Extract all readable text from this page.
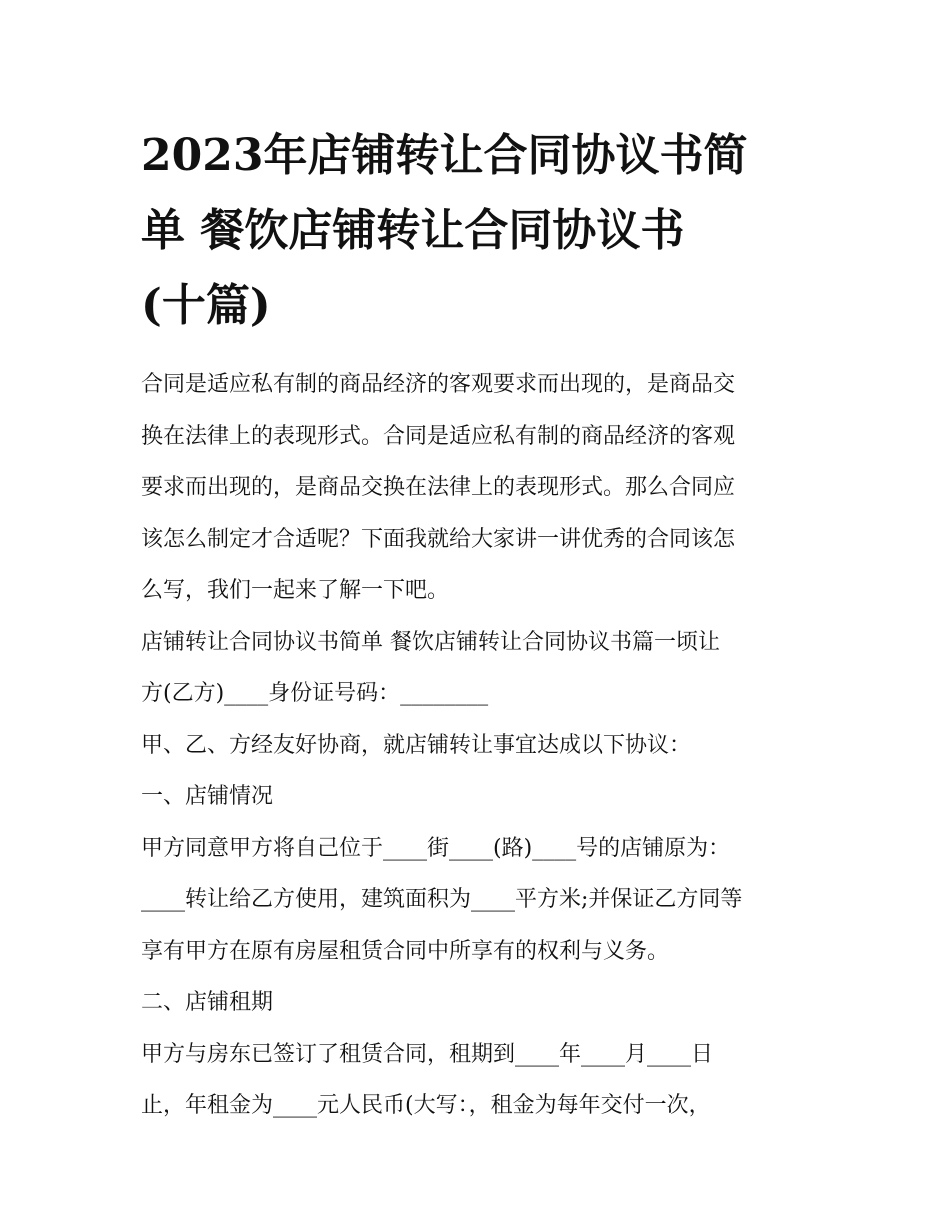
2023年店铺转让合同协议书简
单 餐饮店铺转让合同协议书
(十篇)

合同是适应私有制的商品经济的客观要求而出现的，是商品交
换在法律上的表现形式。合同是适应私有制的商品经济的客观
要求而出现的，是商品交换在法律上的表现形式。那么合同应
该怎么制定才合适呢？下面我就给大家讲一讲优秀的合同该怎
么写，我们一起来了解一下吧。

店铺转让合同协议书简单 餐饮店铺转让合同协议书篇一顷让
方(乙方)____身份证号码：________

甲、乙、方经友好协商，就店铺转让事宜达成以下协议：

一、店铺情况

甲方同意甲方将自己位于____街____(路)____号的店铺原为：
____转让给乙方使用，建筑面积为____平方米;并保证乙方同等
享有甲方在原有房屋租赁合同中所享有的权利与义务。

二、店铺租期

甲方与房东已签订了租赁合同，租期到____年____月____日
止，年租金为____元人民币(大写：，租金为每年交付一次，
